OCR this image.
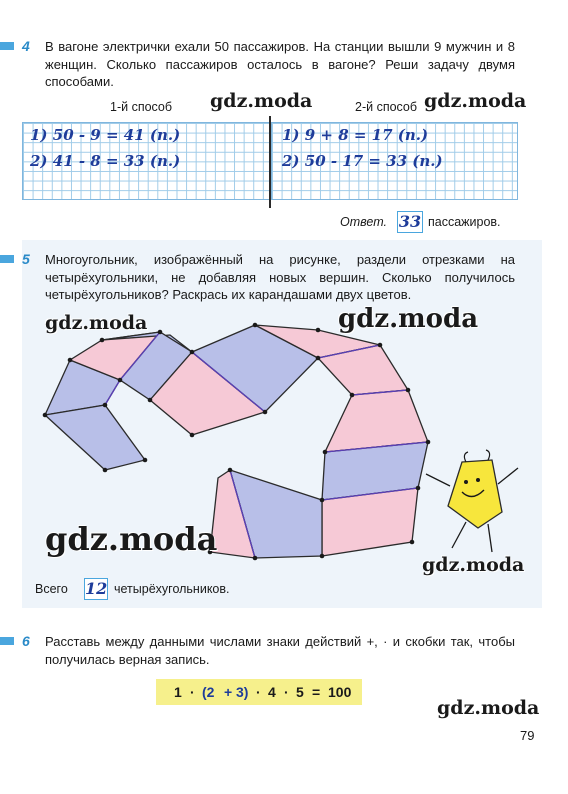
4 В вагоне электрички ехали 50 пассажиров. На станции вышли 9 мужчин и 8 женщин. Сколько пассажиров осталось в вагоне? Реши задачу двумя способами.
1-й способ	2-й способ
1) 50 - 9 = 41 (п.)
2) 41 - 8 = 33 (п.)
1) 9 + 8 = 17 (п.)
2) 50 - 17 = 33 (п.)
Ответ. 33 пассажиров.
gdz.moda	gdz.moda
5 Многоугольник, изображённый на рисунке, раздели отрезками на четырёхугольники, не добавляя новых вершин. Сколько получилось четырёхугольников? Раскрась их карандашами двух цветов.
gdz.moda	gdz.moda
gdz.moda
gdz.moda
Всего 12 четырёхугольников.
6 Расставь между данными числами знаки действий +, · и скобки так, чтобы получилась верная запись.
1 · (2 + 3) · 4 · 5 = 100
gdz.moda
79
